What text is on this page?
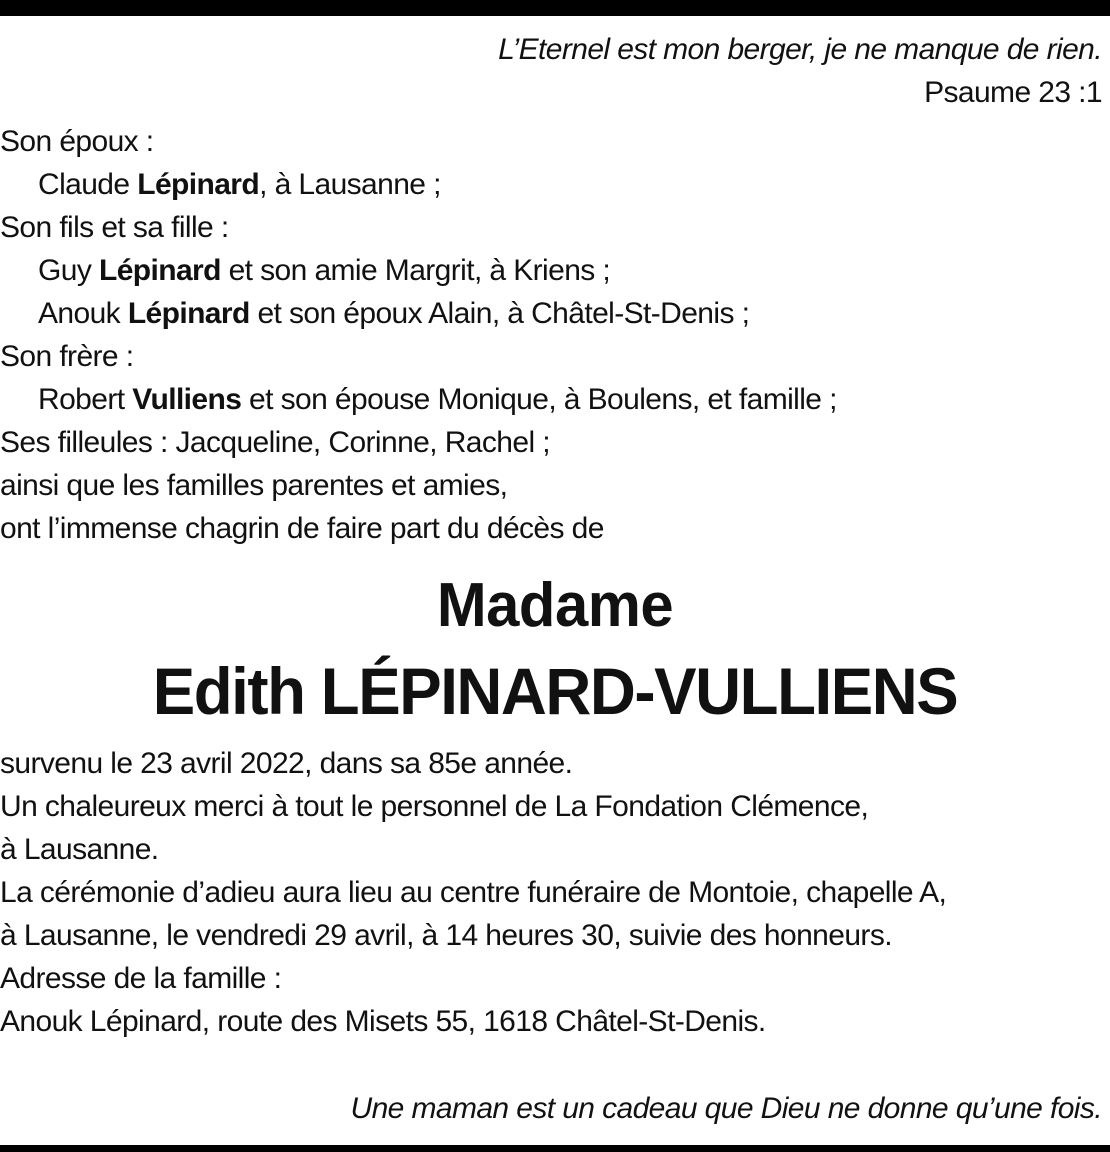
L’Eternel est mon berger, je ne manque de rien.
Psaume 23 :1
Son époux :
Claude Lépinard, à Lausanne ;
Son fils et sa fille :
Guy Lépinard et son amie Margrit, à Kriens ;
Anouk Lépinard et son époux Alain, à Châtel-St-Denis ;
Son frère :
Robert Vulliens et son épouse Monique, à Boulens, et famille ;
Ses filleules : Jacqueline, Corinne, Rachel ;
ainsi que les familles parentes et amies,
ont l’immense chagrin de faire part du décès de
Madame
Edith LÉPINARD-VULLIENS
survenu le 23 avril 2022, dans sa 85e année.
Un chaleureux merci à tout le personnel de La Fondation Clémence,
à Lausanne.
La cérémonie d’adieu aura lieu au centre funéraire de Montoie, chapelle A,
à Lausanne, le vendredi 29 avril, à 14 heures 30, suivie des honneurs.
Adresse de la famille :
Anouk Lépinard, route des Misets 55, 1618 Châtel-St-Denis.
Une maman est un cadeau que Dieu ne donne qu’une fois.
